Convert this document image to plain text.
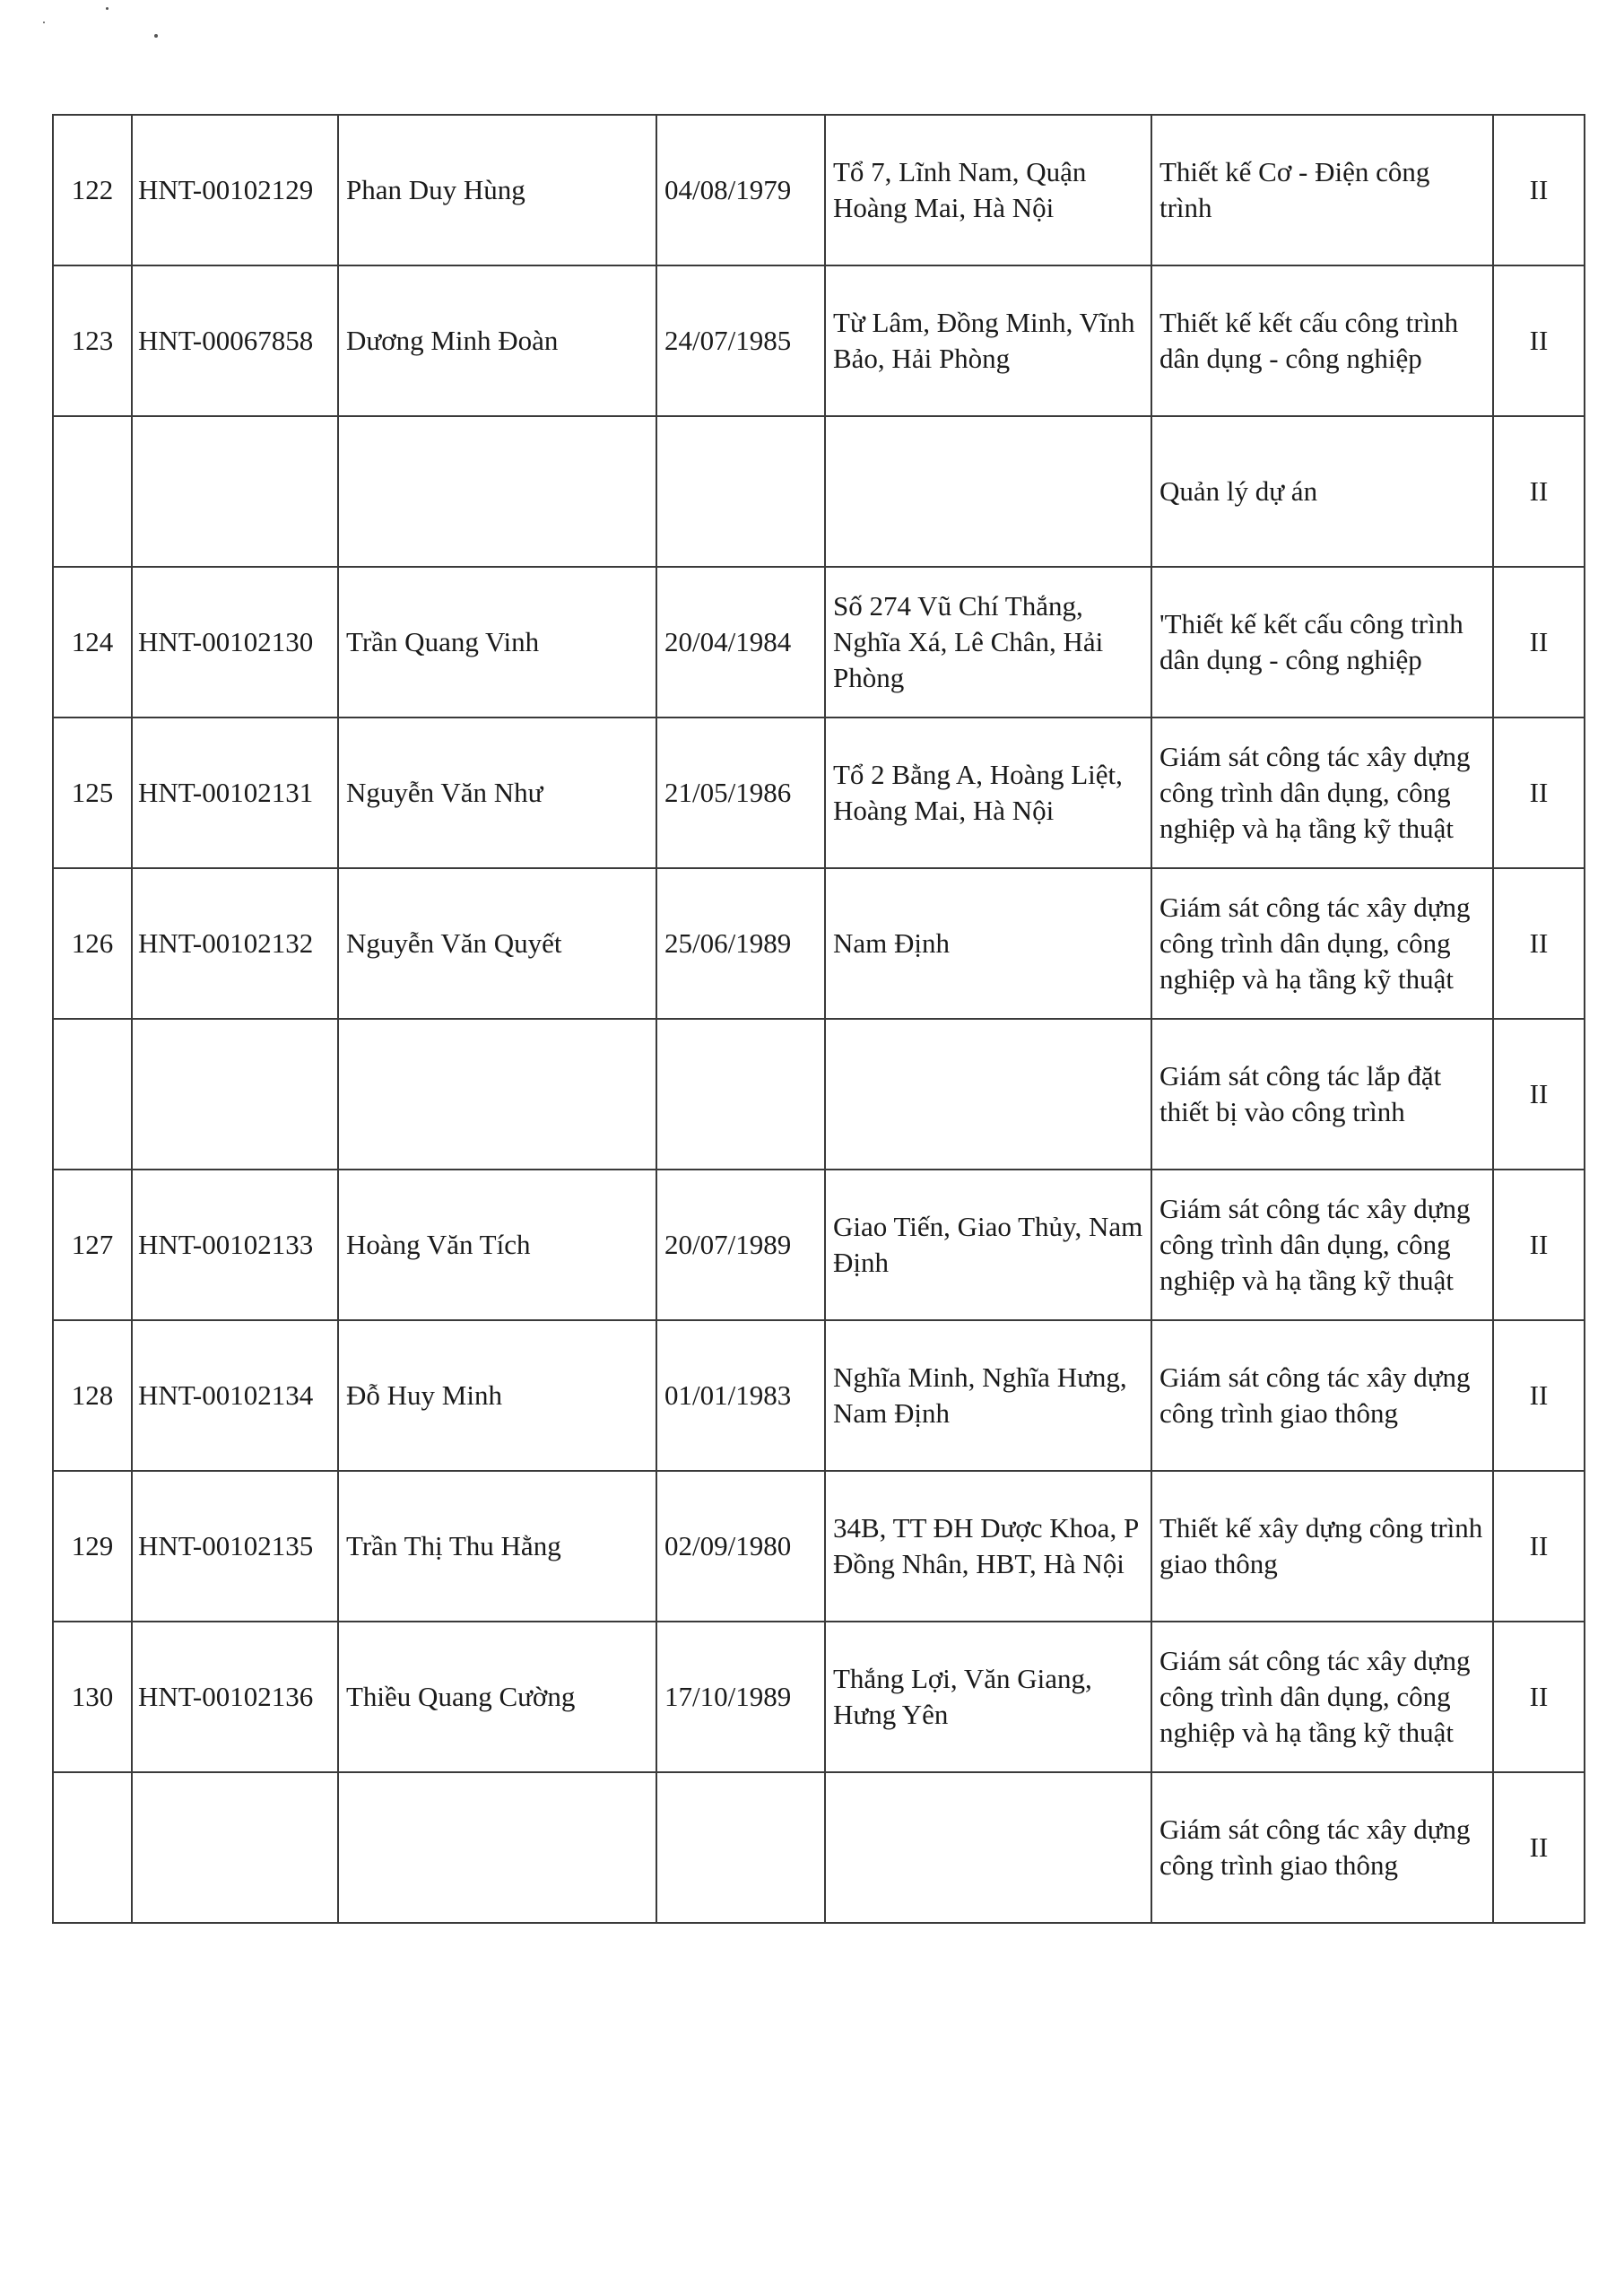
122	HNT-00102129	Phan Duy Hùng	04/08/1979	Tổ 7, Lĩnh Nam, Quận Hoàng Mai, Hà Nội	Thiết kế Cơ - Điện công trình	II
123	HNT-00067858	Dương Minh Đoàn	24/07/1985	Từ Lâm, Đồng Minh, Vĩnh Bảo, Hải Phòng	Thiết kế kết cấu công trình dân dụng - công nghiệp	II
					Quản lý dự án	II
124	HNT-00102130	Trần Quang Vinh	20/04/1984	Số 274 Vũ Chí Thắng, Nghĩa Xá, Lê Chân, Hải Phòng	'Thiết kế kết cấu công trình dân dụng - công nghiệp	II
125	HNT-00102131	Nguyễn Văn Như	21/05/1986	Tổ 2 Bằng A, Hoàng Liệt, Hoàng Mai, Hà Nội	Giám sát công tác xây dựng công trình dân dụng, công nghiệp và hạ tầng kỹ thuật	II
126	HNT-00102132	Nguyễn Văn Quyết	25/06/1989	Nam Định	Giám sát công tác xây dựng công trình dân dụng, công nghiệp và hạ tầng kỹ thuật	II
					Giám sát công tác lắp đặt thiết bị vào công trình	II
127	HNT-00102133	Hoàng Văn Tích	20/07/1989	Giao Tiến, Giao Thủy, Nam Định	Giám sát công tác xây dựng công trình dân dụng, công nghiệp và hạ tầng kỹ thuật	II
128	HNT-00102134	Đỗ Huy Minh	01/01/1983	Nghĩa Minh, Nghĩa Hưng, Nam Định	Giám sát công tác xây dựng công trình giao thông	II
129	HNT-00102135	Trần Thị Thu Hằng	02/09/1980	34B, TT ĐH Dược Khoa, P Đồng Nhân, HBT, Hà Nội	Thiết kế xây dựng công trình giao thông	II
130	HNT-00102136	Thiều Quang Cường	17/10/1989	Thắng Lợi, Văn Giang, Hưng Yên	Giám sát công tác xây dựng công trình dân dụng, công nghiệp và hạ tầng kỹ thuật	II
					Giám sát công tác xây dựng công trình giao thông	II
